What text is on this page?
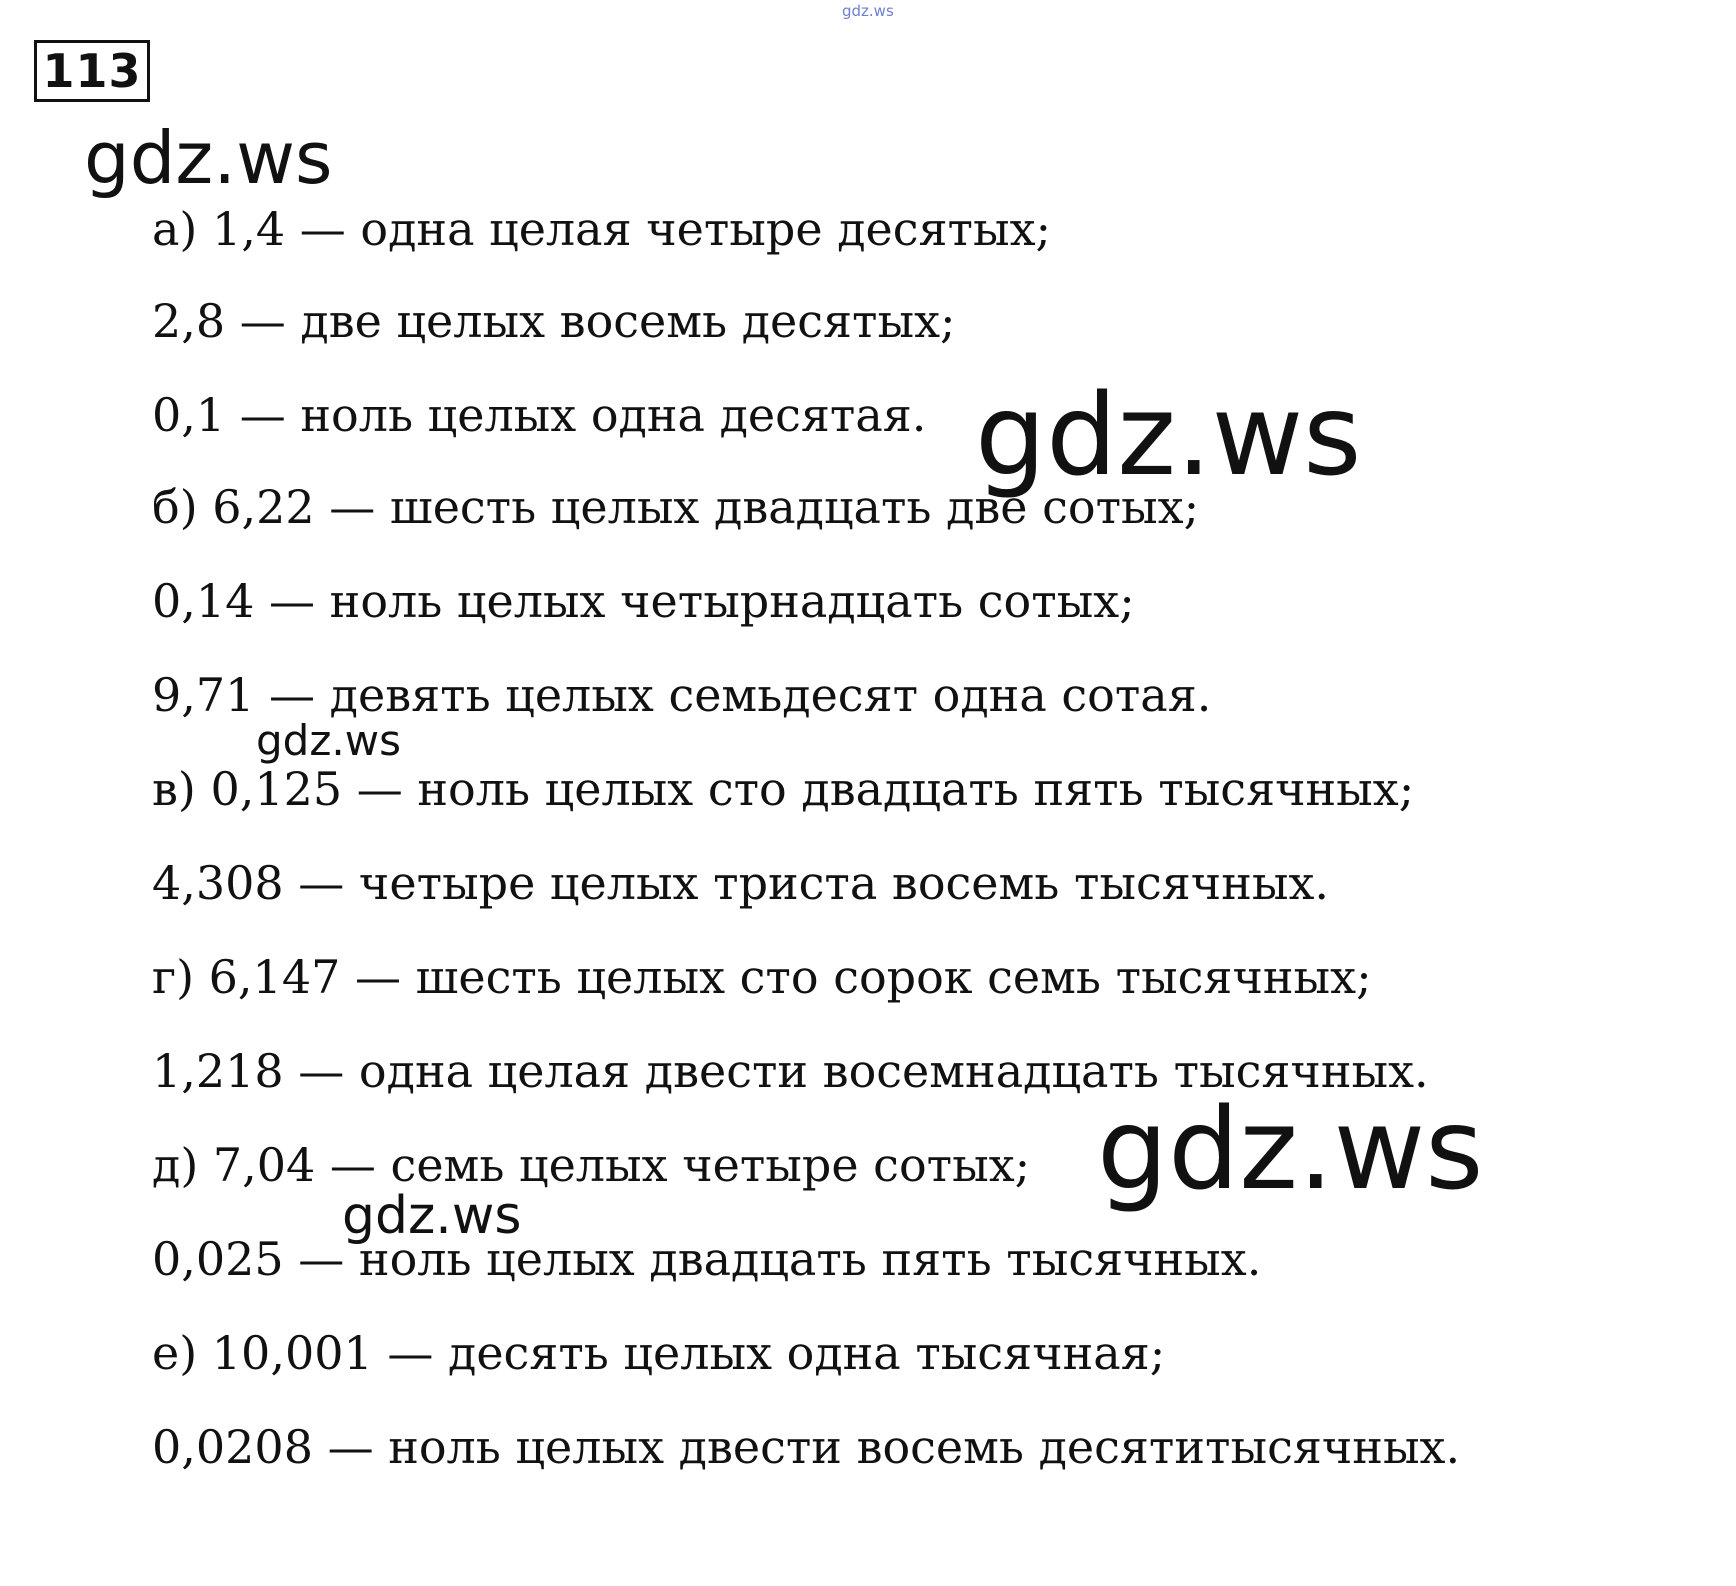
gdz.ws
113
а) 1,4 — одна целая четыре десятых;
2,8 — две целых восемь десятых;
0,1 — ноль целых одна десятая.
б) 6,22 — шесть целых двадцать две сотых;
0,14 — ноль целых четырнадцать сотых;
9,71 — девять целых семьдесят одна сотая.
в) 0,125 — ноль целых сто двадцать пять тысячных;
4,308 — четыре целых триста восемь тысячных.
г) 6,147 — шесть целых сто сорок семь тысячных;
1,218 — одна целая двести восемнадцать тысячных.
д) 7,04 — семь целых четыре сотых;
0,025 — ноль целых двадцать пять тысячных.
е) 10,001 — десять целых одна тысячная;
0,0208 — ноль целых двести восемь десятитысячных.
gdz.ws
gdz.ws
gdz.ws
gdz.ws
gdz.ws
